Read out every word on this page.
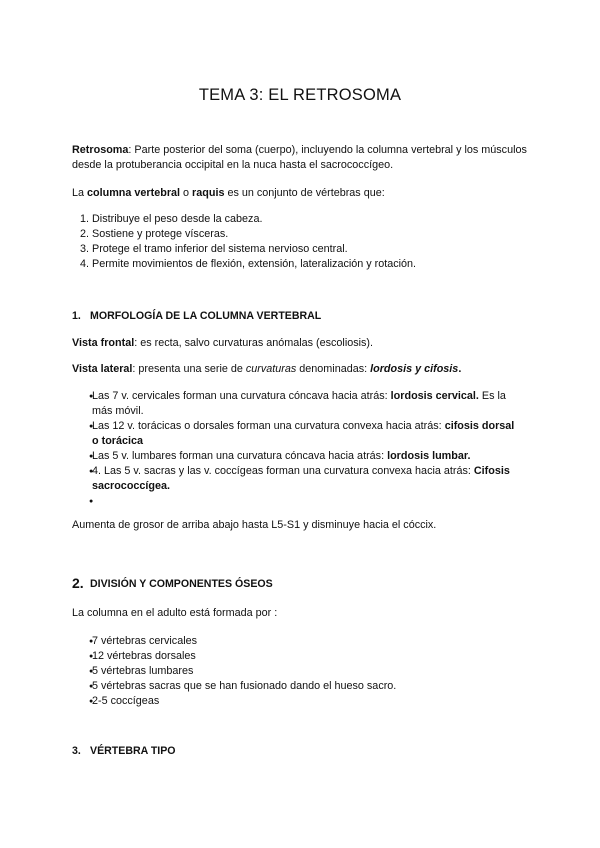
TEMA 3: EL RETROSOMA

Retrosoma: Parte posterior del soma (cuerpo), incluyendo la columna vertebral y los músculos desde la protuberancia occipital en la nuca hasta el sacrococcígeo.

La columna vertebral o raquis es un conjunto de vértebras que:

1. Distribuye el peso desde la cabeza.
2. Sostiene y protege vísceras.
3. Protege el tramo inferior del sistema nervioso central.
4. Permite movimientos de flexión, extensión, lateralización y rotación.
1. MORFOLOGÍA DE LA COLUMNA VERTEBRAL

Vista frontal: es recta, salvo curvaturas anómalas (escoliosis).

Vista lateral: presenta una serie de curvaturas denominadas: lordosis y cifosis.

Las 7 v. cervicales forman una curvatura cóncava hacia atrás: lordosis cervical. Es la más móvil.
Las 12 v. torácicas o dorsales forman una curvatura convexa hacia atrás: cifosis dorsal o torácica
Las 5 v. lumbares forman una curvatura cóncava hacia atrás: lordosis lumbar.
4. Las 5 v. sacras y las v. coccígeas forman una curvatura convexa hacia atrás: Cifosis sacrococcígea.

Aumenta de grosor de arriba abajo hasta L5-S1 y disminuye hacia el cóccix.

2. DIVISIÓN Y COMPONENTES ÓSEOS

La columna en el adulto está formada por :

7 vértebras cervicales
12 vértebras dorsales
5 vértebras lumbares
5 vértebras sacras que se han fusionado dando el hueso sacro.
2-5 coccígeas
3. VÉRTEBRA TIPO
